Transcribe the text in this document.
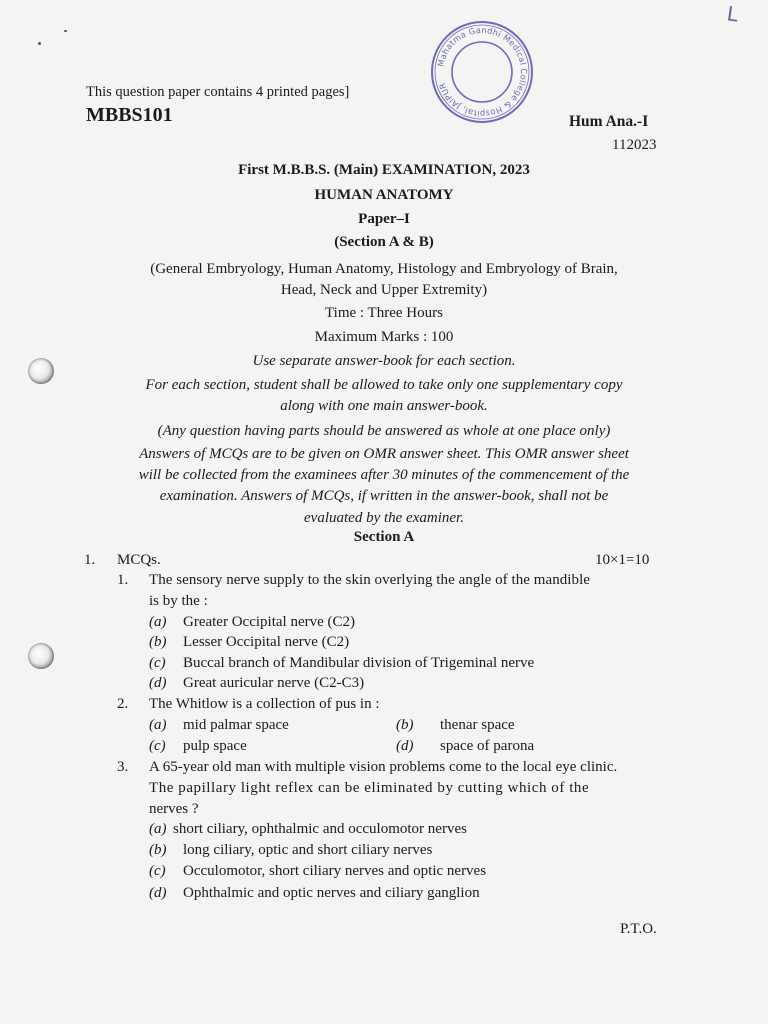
L
Mahatma Gandhi Medical College & Hospital, JAIPUR
This question paper contains 4 printed pages]
MBBS101	Hum Ana.-I
112023
First M.B.B.S. (Main) EXAMINATION, 2023
HUMAN ANATOMY
Paper–I
(Section A & B)
(General Embryology, Human Anatomy, Histology and Embryology of Brain,
Head, Neck and Upper Extremity)
Time : Three Hours
Maximum Marks : 100
Use separate answer-book for each section.
For each section, student shall be allowed to take only one supplementary copy
along with one main answer-book.
(Any question having parts should be answered as whole at one place only)
Answers of MCQs are to be given on OMR answer sheet. This OMR answer sheet
will be collected from the examinees after 30 minutes of the commencement of the
examination. Answers of MCQs, if written in the answer-book, shall not be
evaluated by the examiner.
Section A
1. MCQs.	10×1=10
1. The sensory nerve supply to the skin overlying the angle of the mandible
is by the :
(a) Greater Occipital nerve (C2)
(b) Lesser Occipital nerve (C2)
(c) Buccal branch of Mandibular division of Trigeminal nerve
(d) Great auricular nerve (C2-C3)
2. The Whitlow is a collection of pus in :
(a) mid palmar space	(b) thenar space
(c) pulp space	(d) space of parona
3. A 65-year old man with multiple vision problems come to the local eye clinic.
The papillary light reflex can be eliminated by cutting which of the
nerves ?
(a) short ciliary, ophthalmic and occulomotor nerves
(b) long ciliary, optic and short ciliary nerves
(c) Occulomotor, short ciliary nerves and optic nerves
(d) Ophthalmic and optic nerves and ciliary ganglion
P.T.O.
